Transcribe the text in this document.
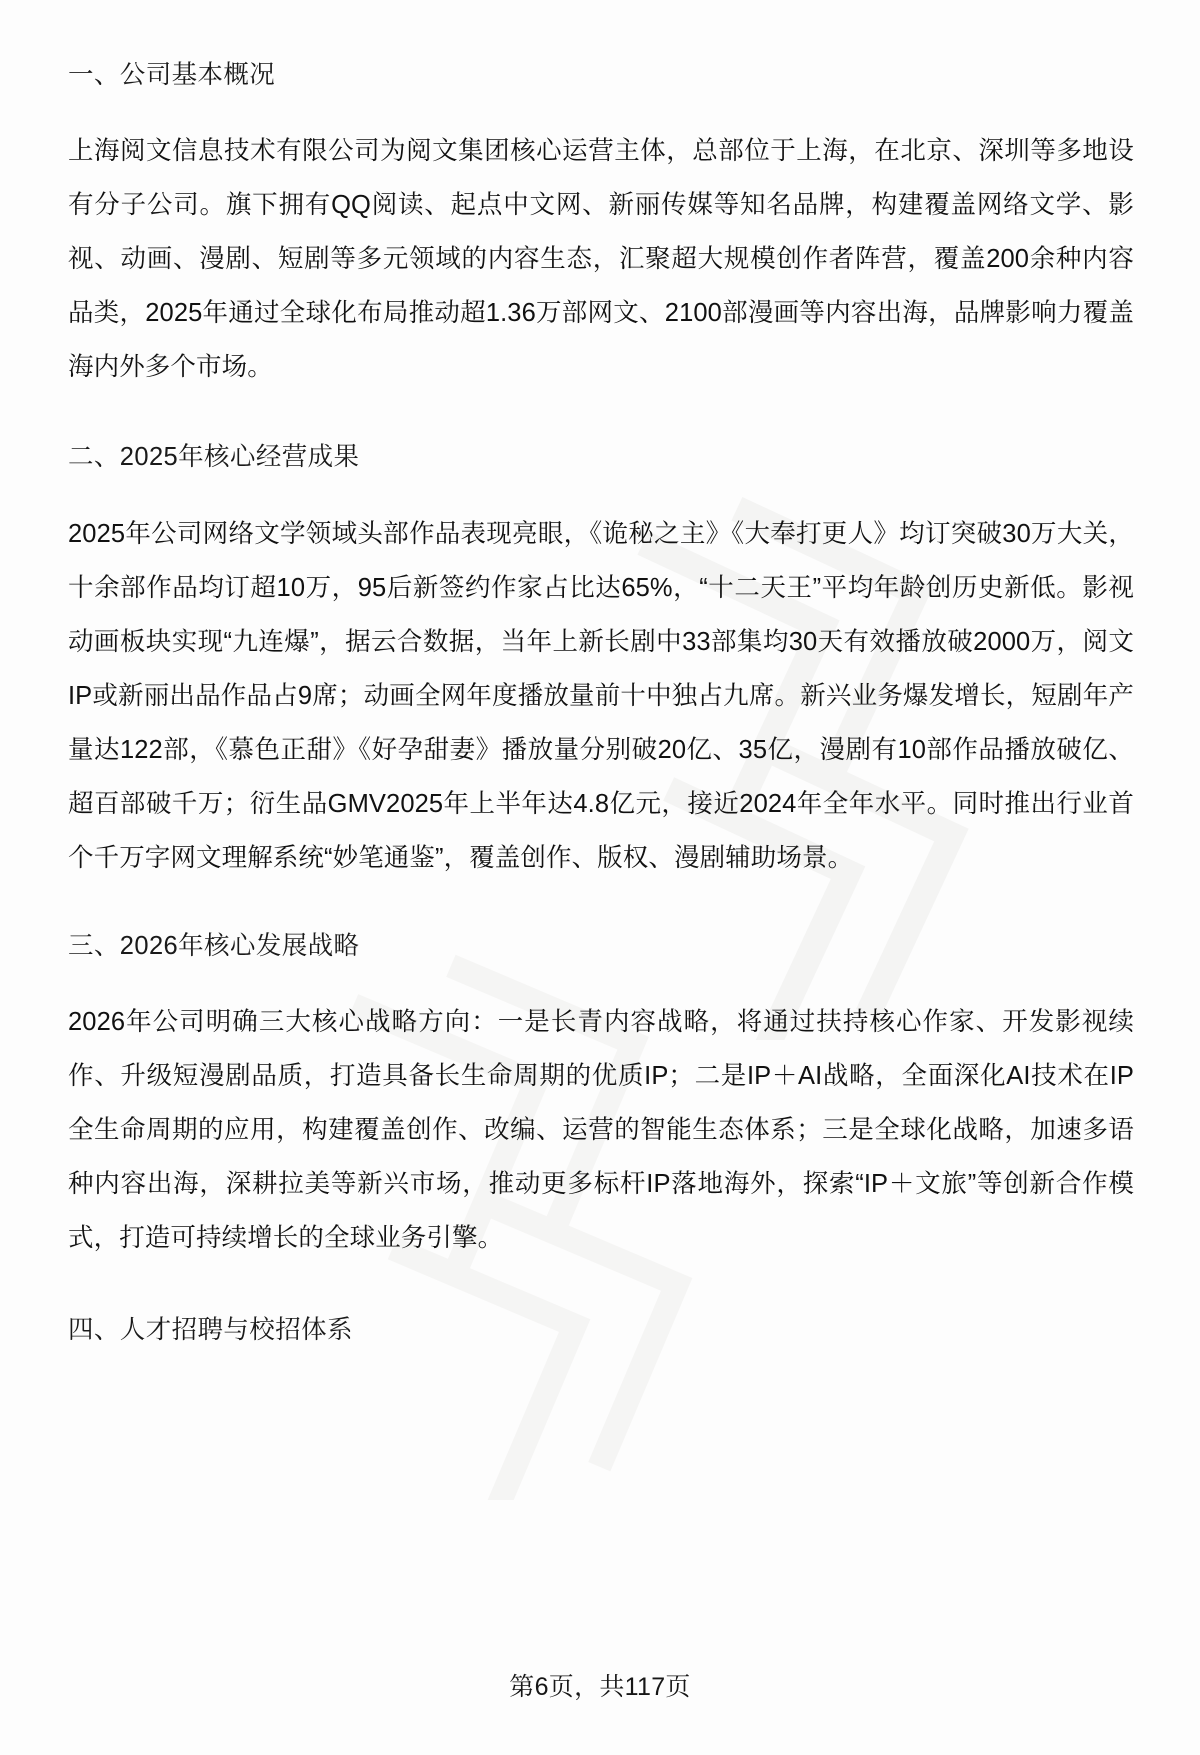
一、公司基本概况

上海阅文信息技术有限公司为阅文集团核心运营主体，总部位于上海，在北京、深圳等多地设有分子公司。旗下拥有QQ阅读、起点中文网、新丽传媒等知名品牌，构建覆盖网络文学、影视、动画、漫剧、短剧等多元领域的内容生态，汇聚超大规模创作者阵营，覆盖200余种内容品类，2025年通过全球化布局推动超1.36万部网文、2100部漫画等内容出海，品牌影响力覆盖海内外多个市场。

二、2025年核心经营成果

2025年公司网络文学领域头部作品表现亮眼，《诡秘之主》《大奉打更人》均订突破30万大关，十余部作品均订超10万，95后新签约作家占比达65%，“十二天王”平均年龄创历史新低。影视动画板块实现“九连爆”，据云合数据，当年上新长剧中33部集均30天有效播放破2000万，阅文IP或新丽出品作品占9席；动画全网年度播放量前十中独占九席。新兴业务爆发增长，短剧年产量达122部，《慕色正甜》《好孕甜妻》播放量分别破20亿、35亿，漫剧有10部作品播放破亿、超百部破千万；衍生品GMV2025年上半年达4.8亿元，接近2024年全年水平。同时推出行业首个千万字网文理解系统“妙笔通鉴”，覆盖创作、版权、漫剧辅助场景。

三、2026年核心发展战略

2026年公司明确三大核心战略方向：一是长青内容战略，将通过扶持核心作家、开发影视续作、升级短漫剧品质，打造具备长生命周期的优质IP；二是IP＋AI战略，全面深化AI技术在IP全生命周期的应用，构建覆盖创作、改编、运营的智能生态体系；三是全球化战略，加速多语种内容出海，深耕拉美等新兴市场，推动更多标杆IP落地海外，探索“IP＋文旅”等创新合作模式，打造可持续增长的全球业务引擎。

四、人才招聘与校招体系
第6页，共117页
